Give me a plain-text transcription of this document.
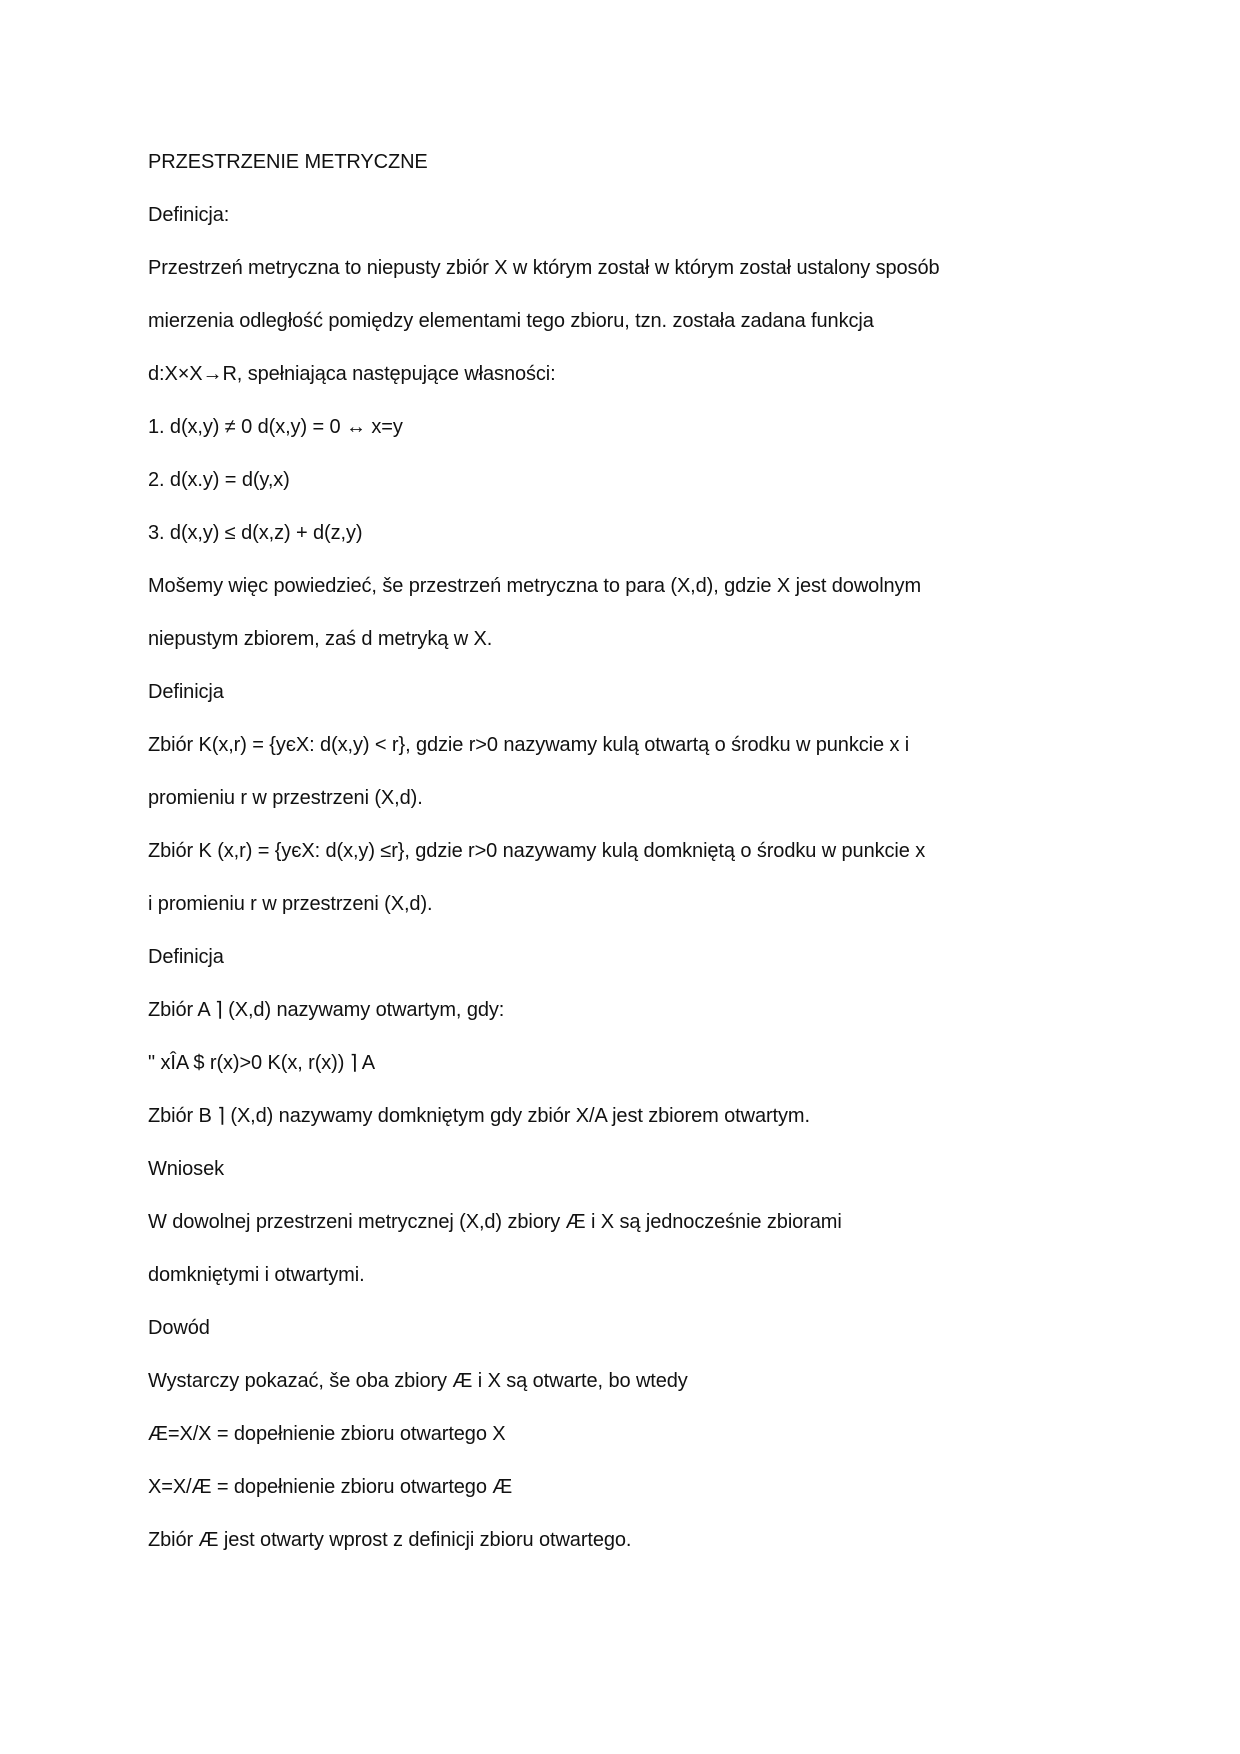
PRZESTRZENIE METRYCZNE
Definicja:
Przestrzeń metryczna to niepusty zbiór X w którym został w którym został ustalony sposób
mierzenia odległość pomiędzy elementami tego zbioru, tzn. została zadana funkcja
d:X×X→R, spełniająca następujące własności:
1. d(x,y) ≠ 0 d(x,y) = 0 ↔ x=y
2. d(x.y) = d(y,x)
3. d(x,y) ≤ d(x,z) + d(z,y)
Mošemy więc powiedzieć, še przestrzeń metryczna to para (X,d), gdzie X jest dowolnym
niepustym zbiorem, zaś d metryką w X.
Definicja
Zbiór K(x,r) = {yєX: d(x,y) < r}, gdzie r>0 nazywamy kulą otwartą o środku w punkcie x i
promieniu r w przestrzeni (X,d).
Zbiór K (x,r) = {yєX: d(x,y) ≤r}, gdzie r>0 nazywamy kulą domkniętą o środku w punkcie x
i promieniu r w przestrzeni (X,d).
Definicja
Zbiór A ⌉ (X,d) nazywamy otwartym, gdy:
" xÎA $ r(x)>0 K(x, r(x)) ⌉ A
Zbiór B ⌉ (X,d) nazywamy domkniętym gdy zbiór X/A jest zbiorem otwartym.
Wniosek
W dowolnej przestrzeni metrycznej (X,d) zbiory Æ i X są jednocześnie zbiorami
domkniętymi i otwartymi.
Dowód
Wystarczy pokazać, še oba zbiory Æ i X są otwarte, bo wtedy
Æ=X/X = dopełnienie zbioru otwartego X
X=X/Æ = dopełnienie zbioru otwartego Æ
Zbiór Æ jest otwarty wprost z definicji zbioru otwartego.
